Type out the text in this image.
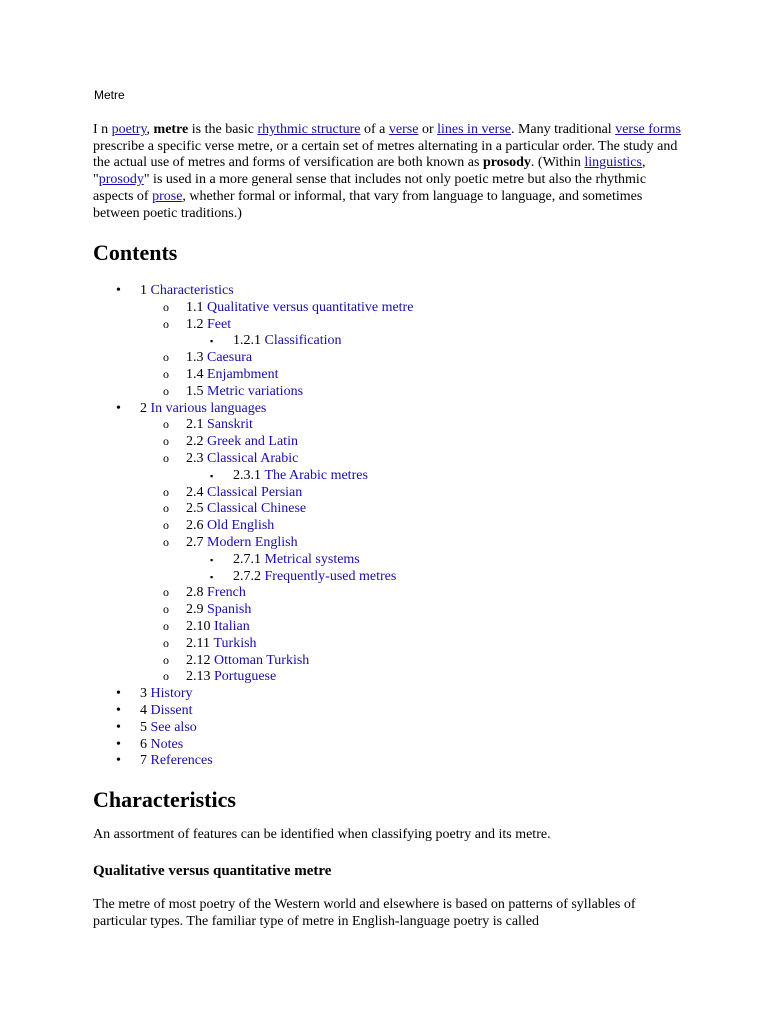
Metre
I n poetry, metre is the basic rhythmic structure of a verse or lines in verse. Many traditional verse forms prescribe a specific verse metre, or a certain set of metres alternating in a particular order. The study and the actual use of metres and forms of versification are both known as prosody. (Within linguistics, "prosody" is used in a more general sense that includes not only poetic metre but also the rhythmic aspects of prose, whether formal or informal, that vary from language to language, and sometimes between poetic traditions.)
Contents
• 1 Characteristics
o 1.1 Qualitative versus quantitative metre
o 1.2 Feet
▪ 1.2.1 Classification
o 1.3 Caesura
o 1.4 Enjambment
o 1.5 Metric variations
• 2 In various languages
o 2.1 Sanskrit
o 2.2 Greek and Latin
o 2.3 Classical Arabic
▪ 2.3.1 The Arabic metres
o 2.4 Classical Persian
o 2.5 Classical Chinese
o 2.6 Old English
o 2.7 Modern English
▪ 2.7.1 Metrical systems
▪ 2.7.2 Frequently-used metres
o 2.8 French
o 2.9 Spanish
o 2.10 Italian
o 2.11 Turkish
o 2.12 Ottoman Turkish
o 2.13 Portuguese
• 3 History
• 4 Dissent
• 5 See also
• 6 Notes
• 7 References
Characteristics
An assortment of features can be identified when classifying poetry and its metre.
Qualitative versus quantitative metre
The metre of most poetry of the Western world and elsewhere is based on patterns of syllables of particular types. The familiar type of metre in English-language poetry is called
